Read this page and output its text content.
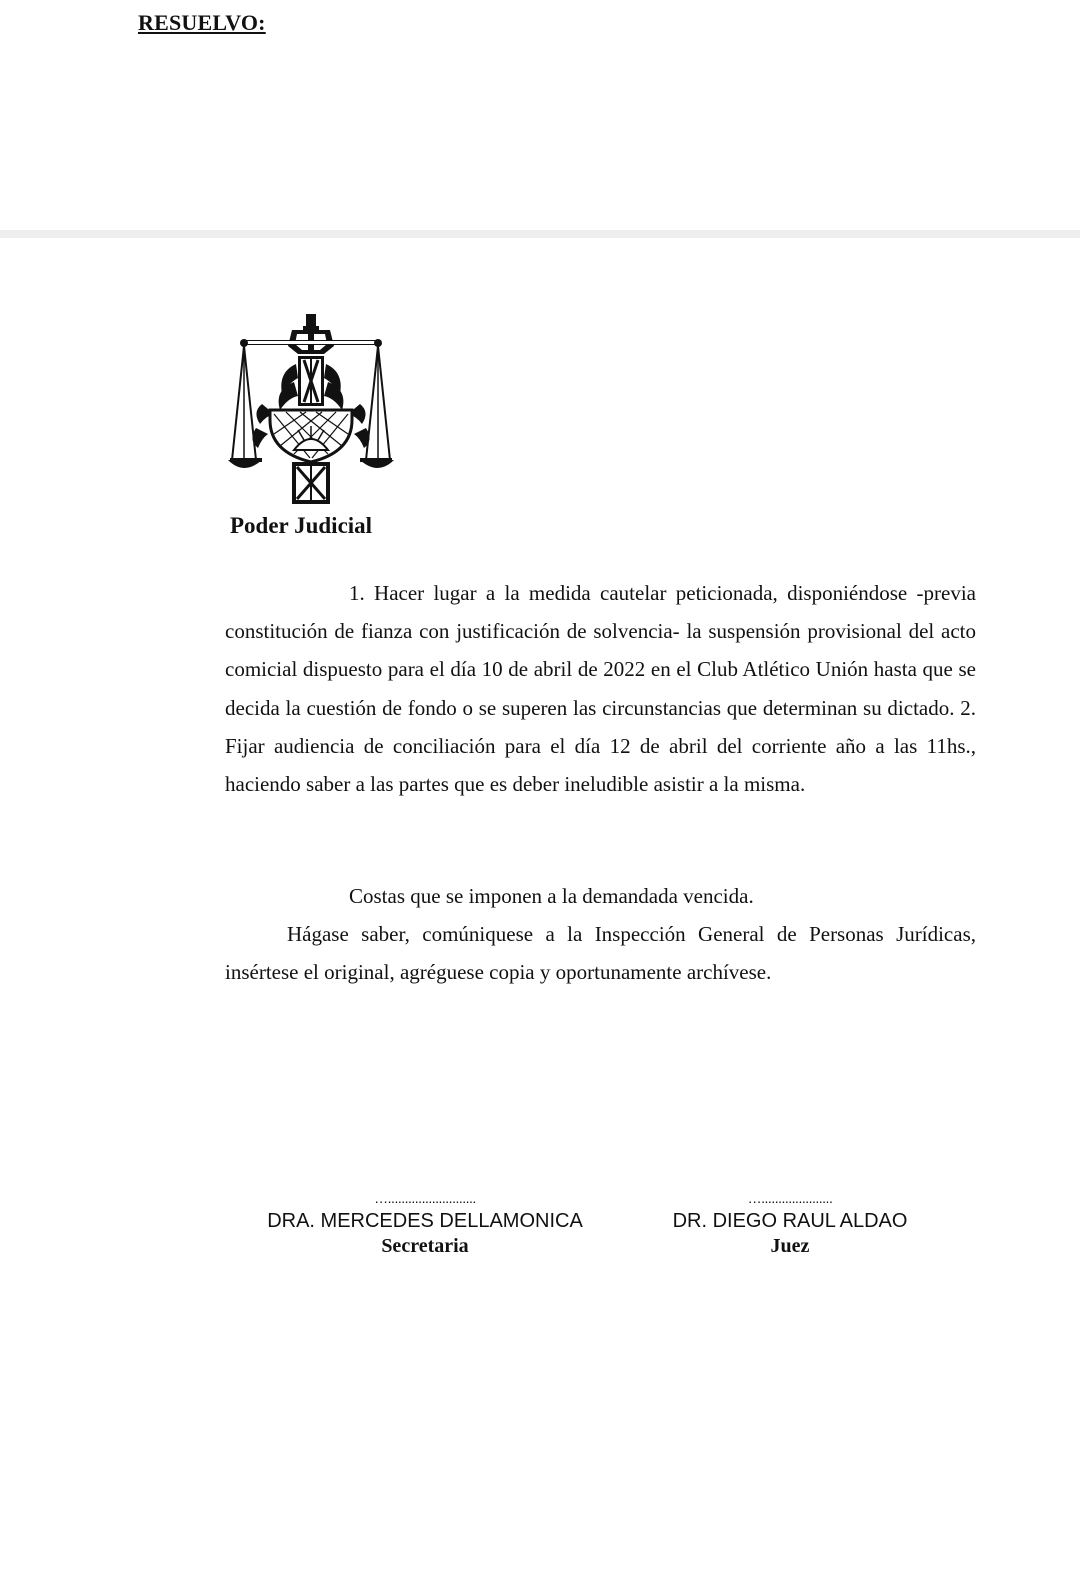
RESUELVO:
Poder Judicial
1. Hacer lugar a la medida cautelar peticionada, disponiéndose -previa constitución de fianza con justificación de solvencia- la suspensión provisional del acto comicial dispuesto para el día 10 de abril de 2022 en el Club Atlético Unión hasta que se decida la cuestión de fondo o se superen las circunstancias que determinan su dictado. 2. Fijar audiencia de conciliación para el día 12 de abril del corriente año a las 11hs., haciendo saber a las partes que es deber ineludible asistir a la misma.
Costas que se imponen a la demandada vencida.
Hágase saber, comúniquese a la Inspección General de Personas Jurídicas, insértese el original, agréguese copia y oportunamente archívese.
…..........................
DRA. MERCEDES DELLAMONICA
Secretaria
….....................
DR. DIEGO RAUL ALDAO
Juez
